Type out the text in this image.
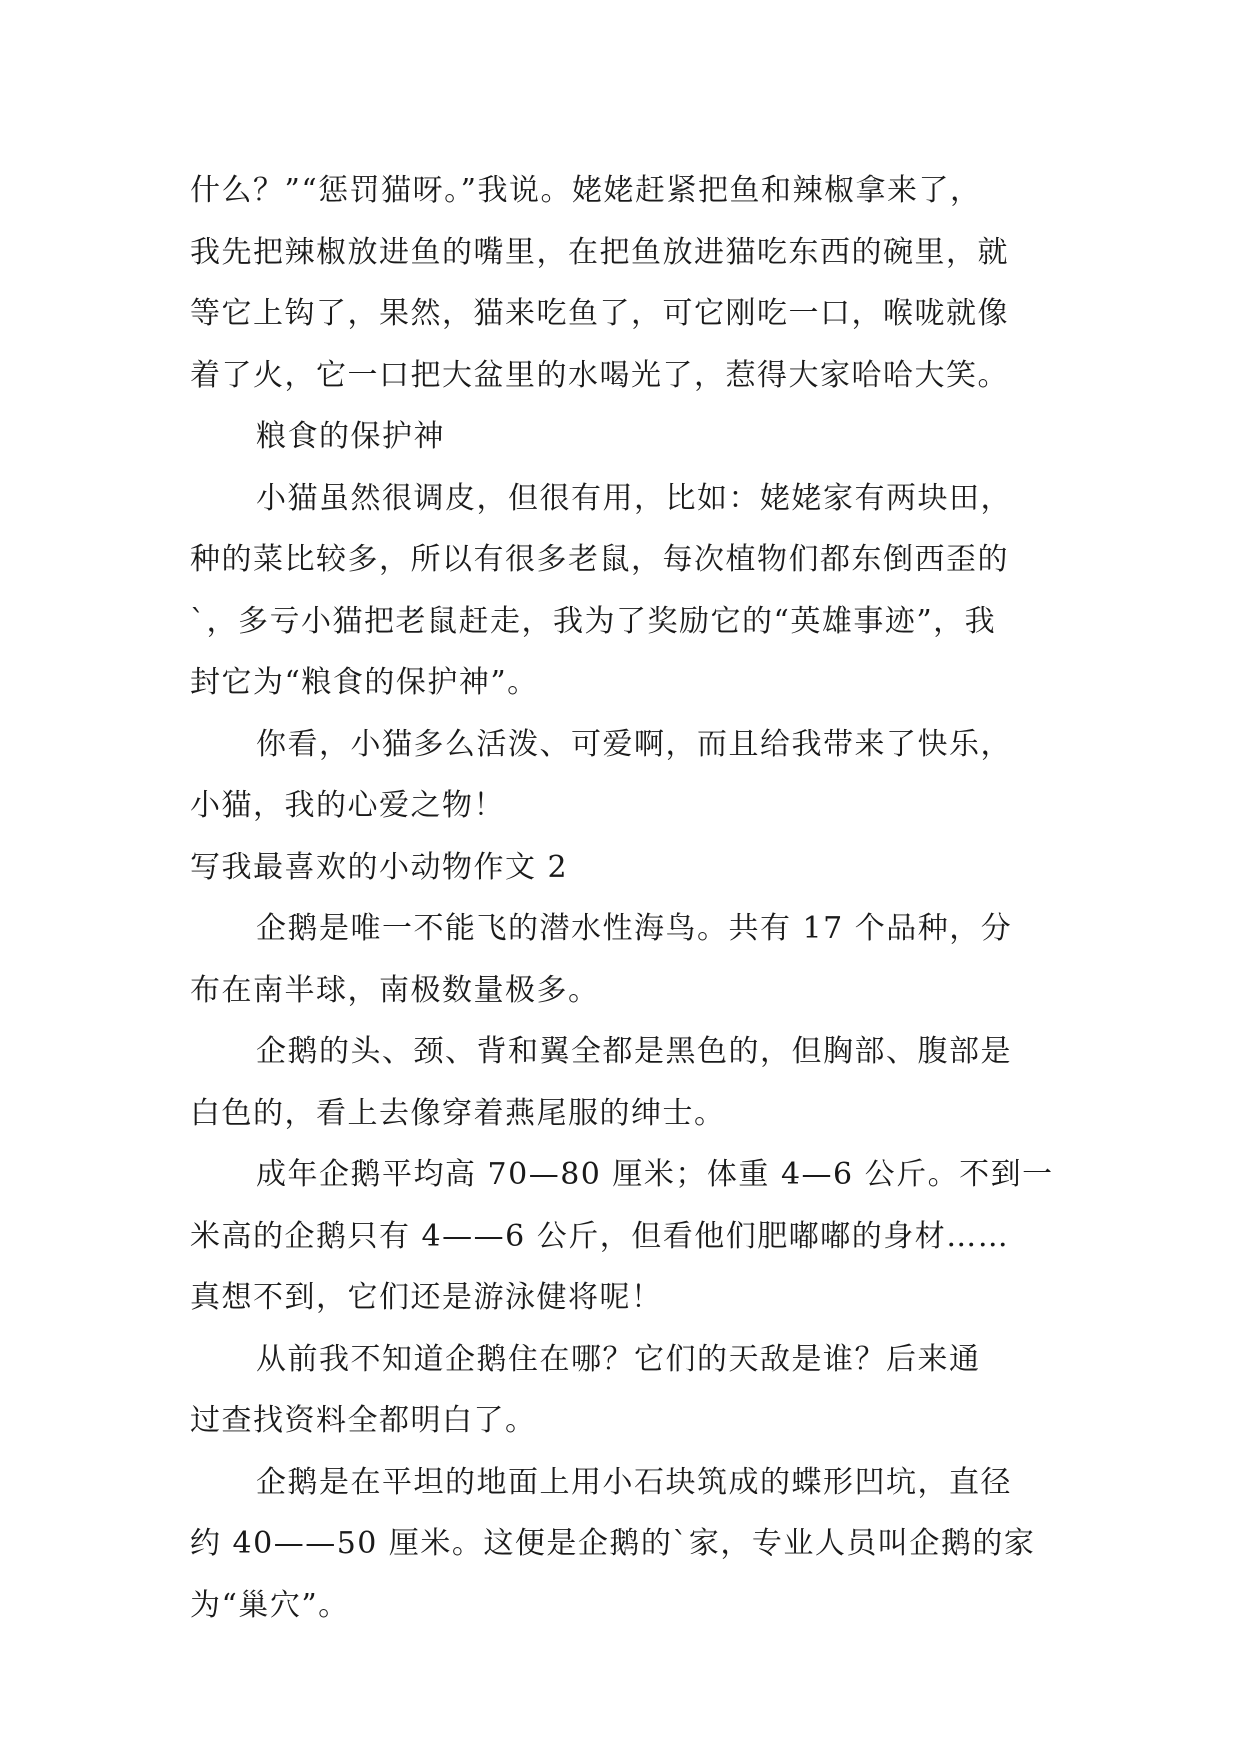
什么？”“惩罚猫呀。”我说。姥姥赶紧把鱼和辣椒拿来了，
我先把辣椒放进鱼的嘴里，在把鱼放进猫吃东西的碗里，就
等它上钩了，果然，猫来吃鱼了，可它刚吃一口，喉咙就像
着了火，它一口把大盆里的水喝光了，惹得大家哈哈大笑。
粮食的保护神
小猫虽然很调皮，但很有用，比如：姥姥家有两块田，
种的菜比较多，所以有很多老鼠，每次植物们都东倒西歪的
`，多亏小猫把老鼠赶走，我为了奖励它的“英雄事迹”，我
封它为“粮食的保护神”。
你看，小猫多么活泼、可爱啊，而且给我带来了快乐，
小猫，我的心爱之物！
写我最喜欢的小动物作文 2
企鹅是唯一不能飞的潜水性海鸟。共有 17 个品种，分
布在南半球，南极数量极多。
企鹅的头、颈、背和翼全都是黑色的，但胸部、腹部是
白色的，看上去像穿着燕尾服的绅士。
成年企鹅平均高 70—80 厘米；体重 4—6 公斤。不到一
米高的企鹅只有 4——6 公斤，但看他们肥嘟嘟的身材……
真想不到，它们还是游泳健将呢！
从前我不知道企鹅住在哪？它们的天敌是谁？后来通
过查找资料全都明白了。
企鹅是在平坦的地面上用小石块筑成的蝶形凹坑，直径
约 40——50 厘米。这便是企鹅的`家，专业人员叫企鹅的家
为“巢穴”。
